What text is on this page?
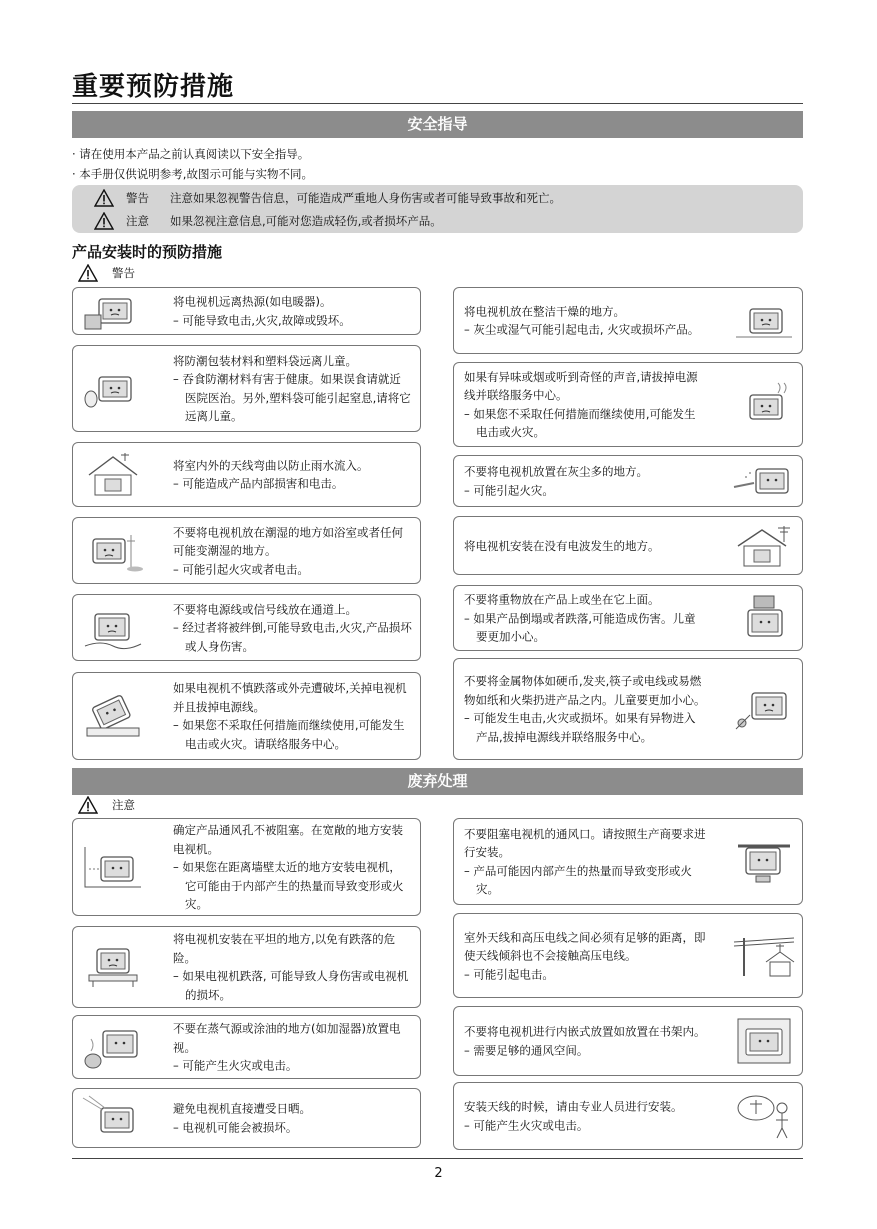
重要预防措施
安全指导
· 请在使用本产品之前认真阅读以下安全指导。
· 本手册仅供说明参考,故图示可能与实物不同。
警告	注意如果忽视警告信息，可能造成严重地人身伤害或者可能导致事故和死亡。
注意	如果忽视注意信息,可能对您造成轻伤,或者损坏产品。
产品安装时的预防措施
警告
将电视机远离热源(如电暖器)。
– 可能导致电击,火灾,故障或毁坏。
将电视机放在整洁干燥的地方。
– 灰尘或湿气可能引起电击, 火灾或损坏产品。
将防潮包装材料和塑料袋远离儿童。
– 吞食防潮材料有害于健康。如果误食请就近医院医治。另外,塑料袋可能引起窒息,请将它远离儿童。
如果有异味或烟或听到奇怪的声音,请拔掉电源线并联络服务中心。
– 如果您不采取任何措施而继续使用,可能发生电击或火灾。
将室内外的天线弯曲以防止雨水流入。
– 可能造成产品内部损害和电击。
不要将电视机放置在灰尘多的地方。
– 可能引起火灾。
不要将电视机放在潮湿的地方如浴室或者任何可能变潮湿的地方。
– 可能引起火灾或者电击。
将电视机安装在没有电波发生的地方。
不要将电源线或信号线放在通道上。
– 经过者将被绊倒,可能导致电击,火灾,产品损坏或人身伤害。
不要将重物放在产品上或坐在它上面。
– 如果产品倒塌或者跌落,可能造成伤害。儿童要更加小心。
如果电视机不慎跌落或外壳遭破坏,关掉电视机并且拔掉电源线。
– 如果您不采取任何措施而继续使用,可能发生电击或火灾。请联络服务中心。
不要将金属物体如硬币,发夹,筷子或电线或易燃物如纸和火柴扔进产品之内。儿童要更加小心。
– 可能发生电击,火灾或损坏。如果有异物进入产品,拔掉电源线并联络服务中心。
废弃处理
注意
确定产品通风孔不被阻塞。在宽敞的地方安装电视机。
– 如果您在距离墙壁太近的地方安装电视机，它可能由于内部产生的热量而导致变形或火灾。
不要阻塞电视机的通风口。请按照生产商要求进行安装。
– 产品可能因内部产生的热量而导致变形或火灾。
将电视机安装在平坦的地方,以免有跌落的危险。
– 如果电视机跌落, 可能导致人身伤害或电视机的损坏。
室外天线和高压电线之间必须有足够的距离，即使天线倾斜也不会接触高压电线。
– 可能引起电击。
不要在蒸气源或涂油的地方(如加湿器)放置电视。
– 可能产生火灾或电击。
不要将电视机进行内嵌式放置如放置在书架内。
– 需要足够的通风空间。
避免电视机直接遭受日晒。
– 电视机可能会被损坏。
安装天线的时候，请由专业人员进行安装。
– 可能产生火灾或电击。
2
